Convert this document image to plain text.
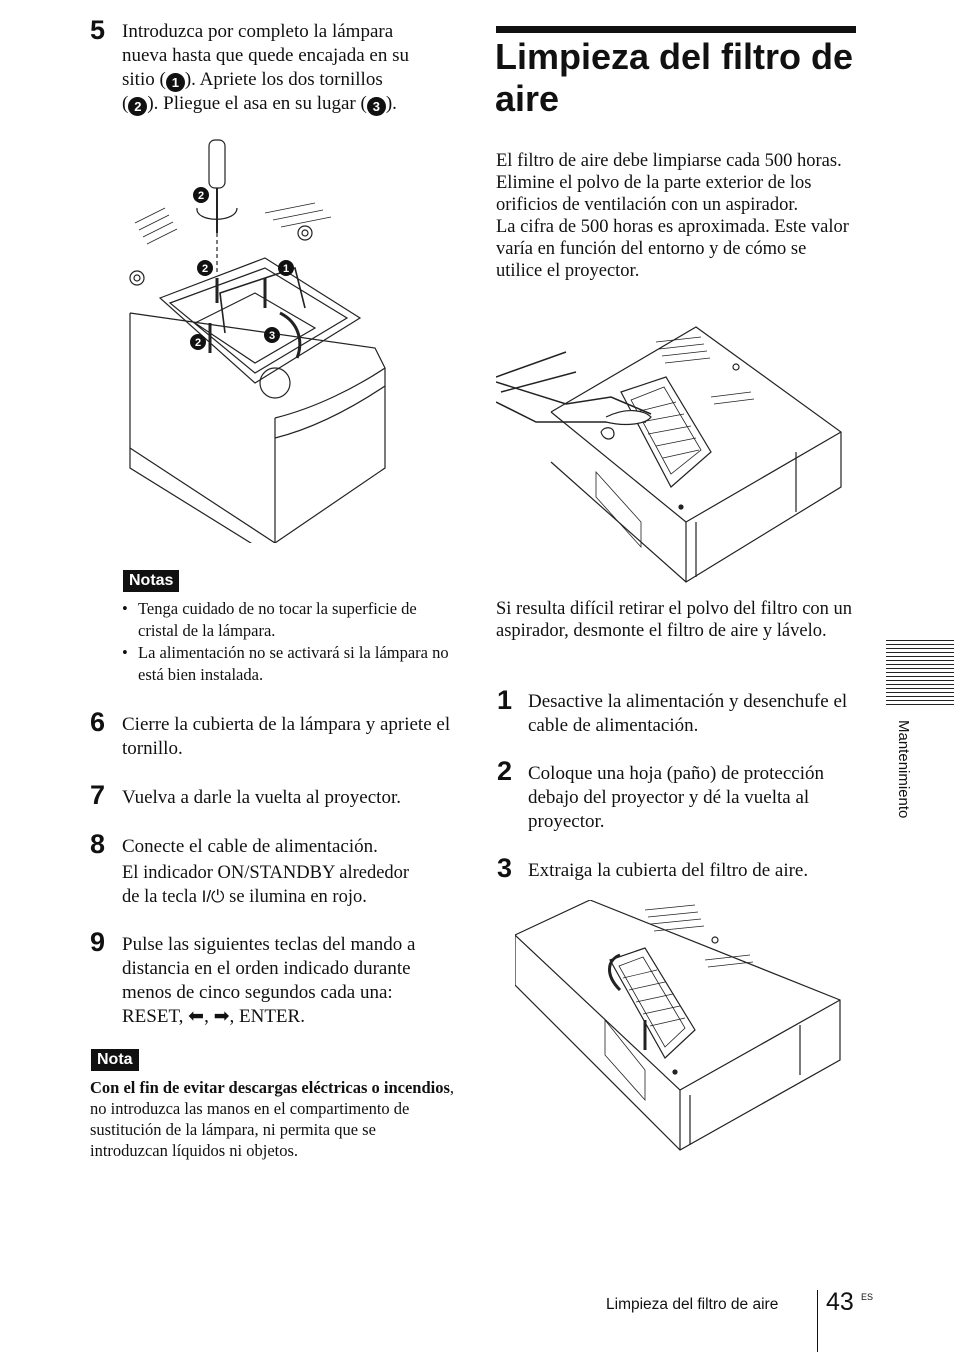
5 Introduzca por completo la lámpara
nueva hasta que quede encajada en su
sitio ( 1 ). Apriete los dos tornillos
( 2 ). Pliegue el asa en su lugar ( 3 ).
2
2	1
2
3
Notas
• Tenga cuidado de no tocar la superficie de cristal de la lámpara.
• La alimentación no se activará si la lámpara no está bien instalada.
6 Cierre la cubierta de la lámpara y apriete el tornillo.
7 Vuelva a darle la vuelta al proyector.
8 Conecte el cable de alimentación.
El indicador ON/STANDBY alrededor
de la tecla I/⏻ se ilumina en rojo.
9 Pulse las siguientes teclas del mando a distancia en el orden indicado durante menos de cinco segundos cada una:
RESET, ⬅, ➡, ENTER.
Nota
Con el fin de evitar descargas eléctricas o incendios, no introduzca las manos en el compartimento de sustitución de la lámpara, ni permita que se introduzcan líquidos ni objetos.
Limpieza del filtro de
aire
El filtro de aire debe limpiarse cada 500 horas.
Elimine el polvo de la parte exterior de los orificios de ventilación con un aspirador.
La cifra de 500 horas es aproximada. Este valor varía en función del entorno y de cómo se utilice el proyector.
Si resulta difícil retirar el polvo del filtro con un aspirador, desmonte el filtro de aire y lávelo.
1 Desactive la alimentación y desenchufe el cable de alimentación.
2 Coloque una hoja (paño) de protección debajo del proyector y dé la vuelta al proyector.
3 Extraiga la cubierta del filtro de aire.
Mantenimiento
Limpieza del filtro de aire 43 ES
